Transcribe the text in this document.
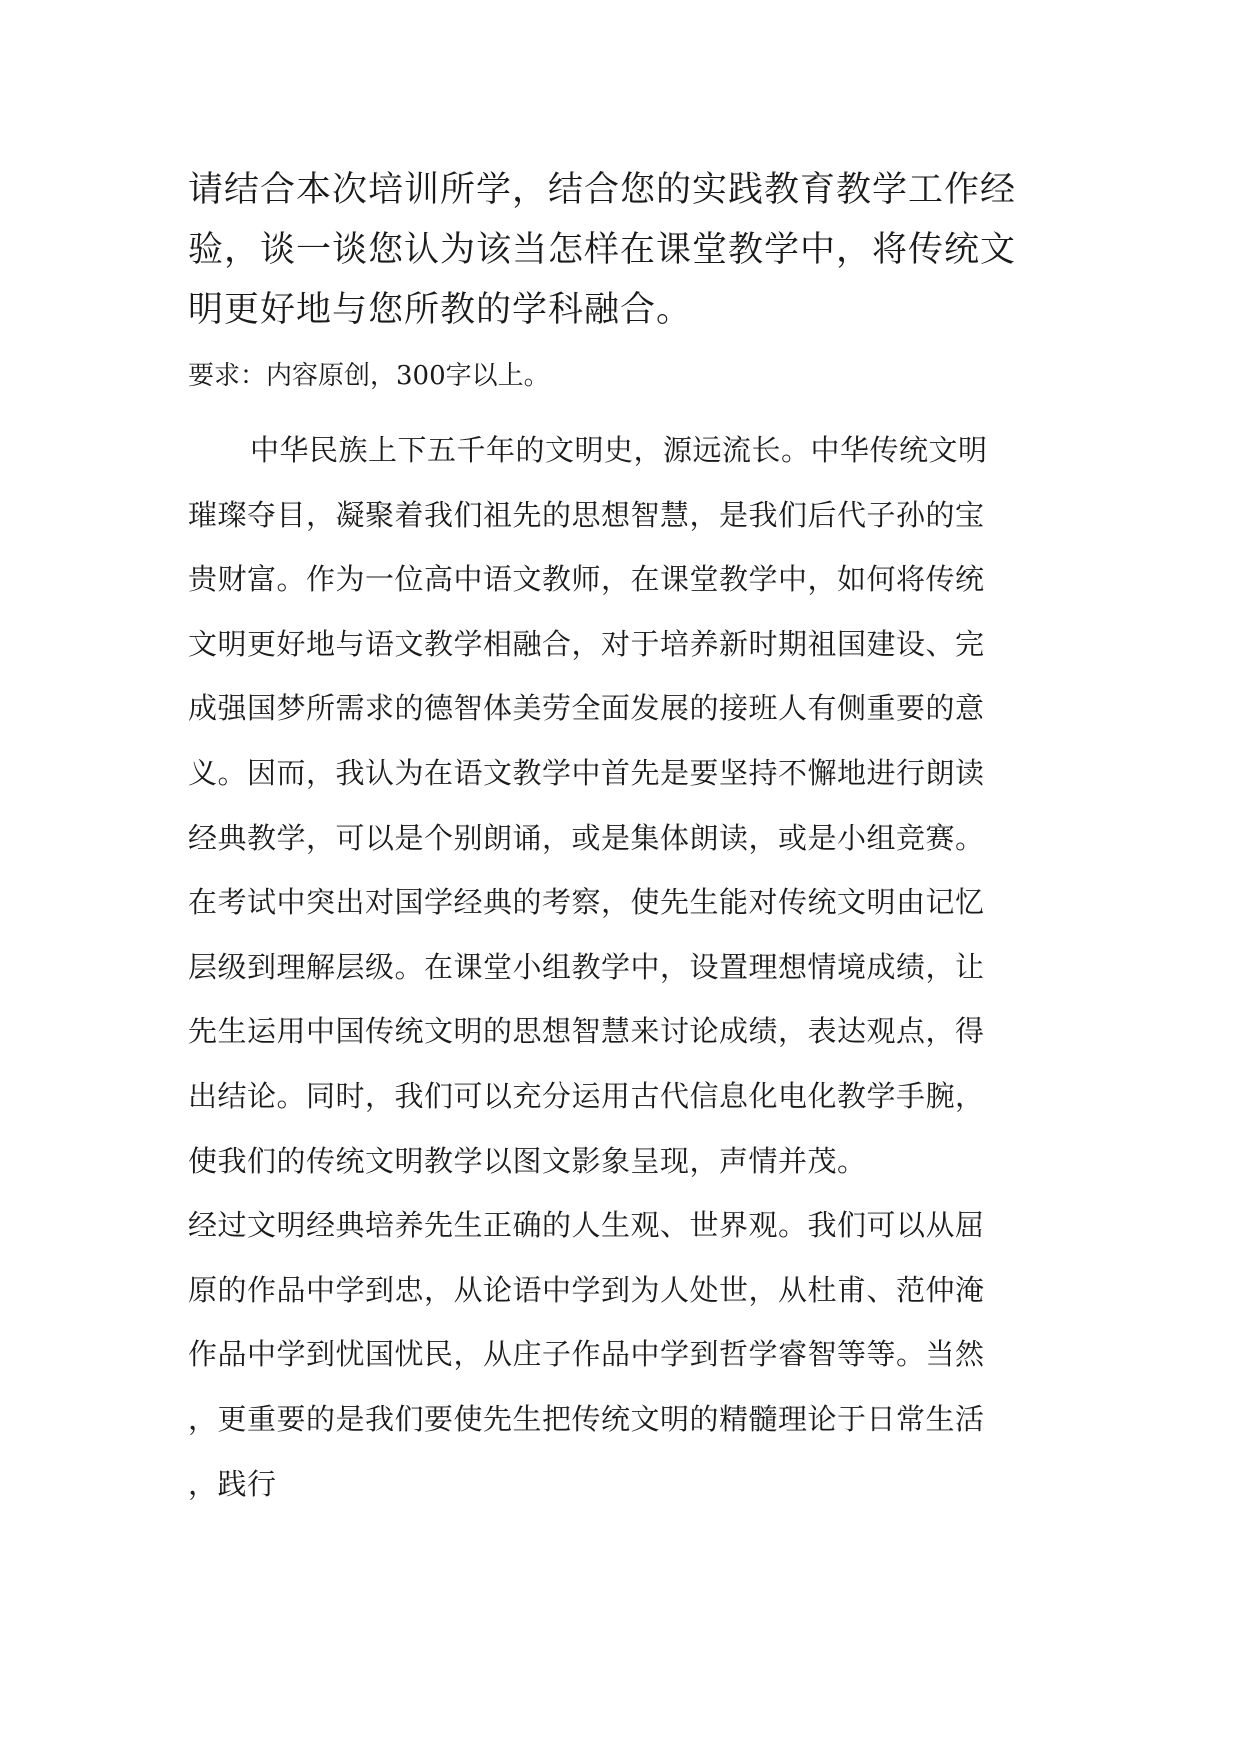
请结合本次培训所学，结合您的实践教育教学工作经
验，谈一谈您认为该当怎样在课堂教学中，将传统文
明更好地与您所教的学科融合。
要求：内容原创，300字以上。
中华民族上下五千年的文明史，源远流长。中华传统文明
璀璨夺目，凝聚着我们祖先的思想智慧，是我们后代子孙的宝
贵财富。作为一位高中语文教师，在课堂教学中，如何将传统
文明更好地与语文教学相融合，对于培养新时期祖国建设、完
成强国梦所需求的德智体美劳全面发展的接班人有侧重要的意
义。因而，我认为在语文教学中首先是要坚持不懈地进行朗读
经典教学，可以是个别朗诵，或是集体朗读，或是小组竞赛。
在考试中突出对国学经典的考察，使先生能对传统文明由记忆
层级到理解层级。在课堂小组教学中，设置理想情境成绩，让
先生运用中国传统文明的思想智慧来讨论成绩，表达观点，得
出结论。同时，我们可以充分运用古代信息化电化教学手腕，
使我们的传统文明教学以图文影象呈现，声情并茂。
经过文明经典培养先生正确的人生观、世界观。我们可以从屈
原的作品中学到忠，从论语中学到为人处世，从杜甫、范仲淹
作品中学到忧国忧民，从庄子作品中学到哲学睿智等等。当然
，更重要的是我们要使先生把传统文明的精髓理论于日常生活
，践行
